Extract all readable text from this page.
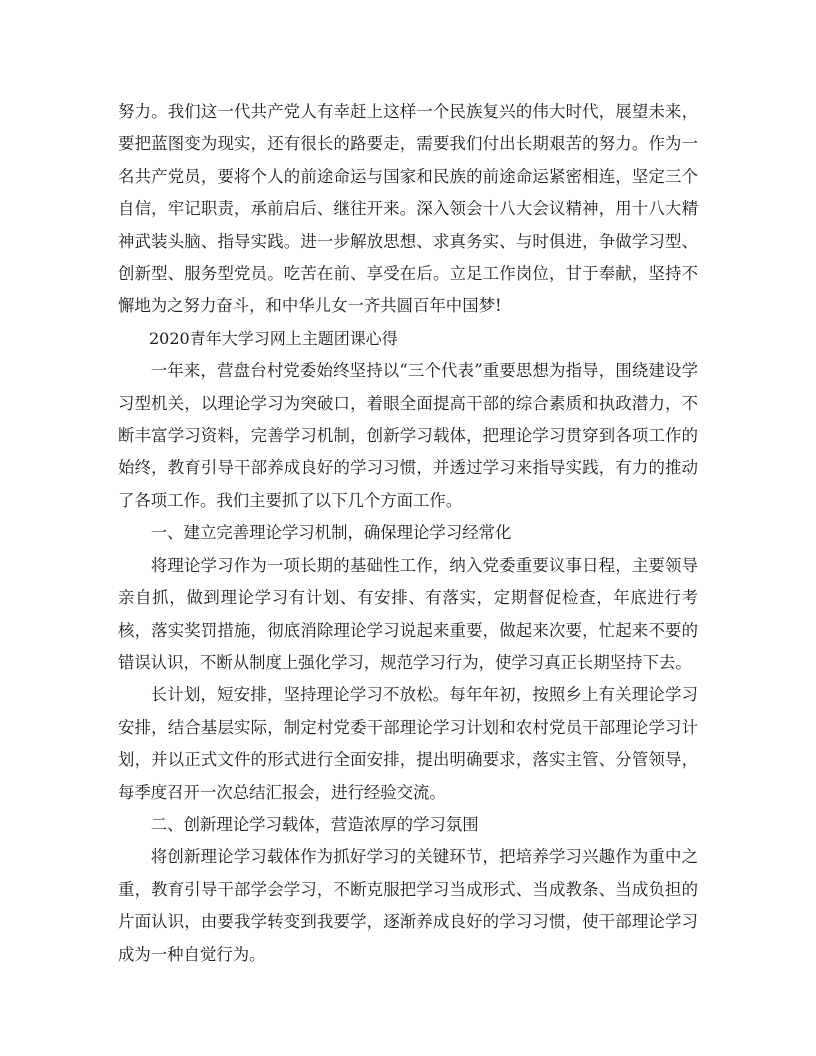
努力。我们这一代共产党人有幸赶上这样一个民族复兴的伟大时代，展望未来，要把蓝图变为现实，还有很长的路要走，需要我们付出长期艰苦的努力。作为一名共产党员，要将个人的前途命运与国家和民族的前途命运紧密相连，坚定三个自信，牢记职责，承前启后、继往开来。深入领会十八大会议精神，用十八大精神武装头脑、指导实践。进一步解放思想、求真务实、与时俱进，争做学习型、创新型、服务型党员。吃苦在前、享受在后。立足工作岗位，甘于奉献，坚持不懈地为之努力奋斗，和中华儿女一齐共圆百年中国梦!

2020青年大学习网上主题团课心得

一年来，营盘台村党委始终坚持以“三个代表”重要思想为指导，围绕建设学习型机关，以理论学习为突破口，着眼全面提高干部的综合素质和执政潜力，不断丰富学习资料，完善学习机制，创新学习载体，把理论学习贯穿到各项工作的始终，教育引导干部养成良好的学习习惯，并透过学习来指导实践，有力的推动了各项工作。我们主要抓了以下几个方面工作。

一、建立完善理论学习机制，确保理论学习经常化

将理论学习作为一项长期的基础性工作，纳入党委重要议事日程，主要领导亲自抓，做到理论学习有计划、有安排、有落实，定期督促检查，年底进行考核，落实奖罚措施，彻底消除理论学习说起来重要，做起来次要，忙起来不要的错误认识，不断从制度上强化学习，规范学习行为，使学习真正长期坚持下去。

长计划，短安排，坚持理论学习不放松。每年年初，按照乡上有关理论学习安排，结合基层实际，制定村党委干部理论学习计划和农村党员干部理论学习计划，并以正式文件的形式进行全面安排，提出明确要求，落实主管、分管领导，每季度召开一次总结汇报会，进行经验交流。

二、创新理论学习载体，营造浓厚的学习氛围

将创新理论学习载体作为抓好学习的关键环节，把培养学习兴趣作为重中之重，教育引导干部学会学习，不断克服把学习当成形式、当成教条、当成负担的片面认识，由要我学转变到我要学，逐渐养成良好的学习习惯，使干部理论学习成为一种自觉行为。
